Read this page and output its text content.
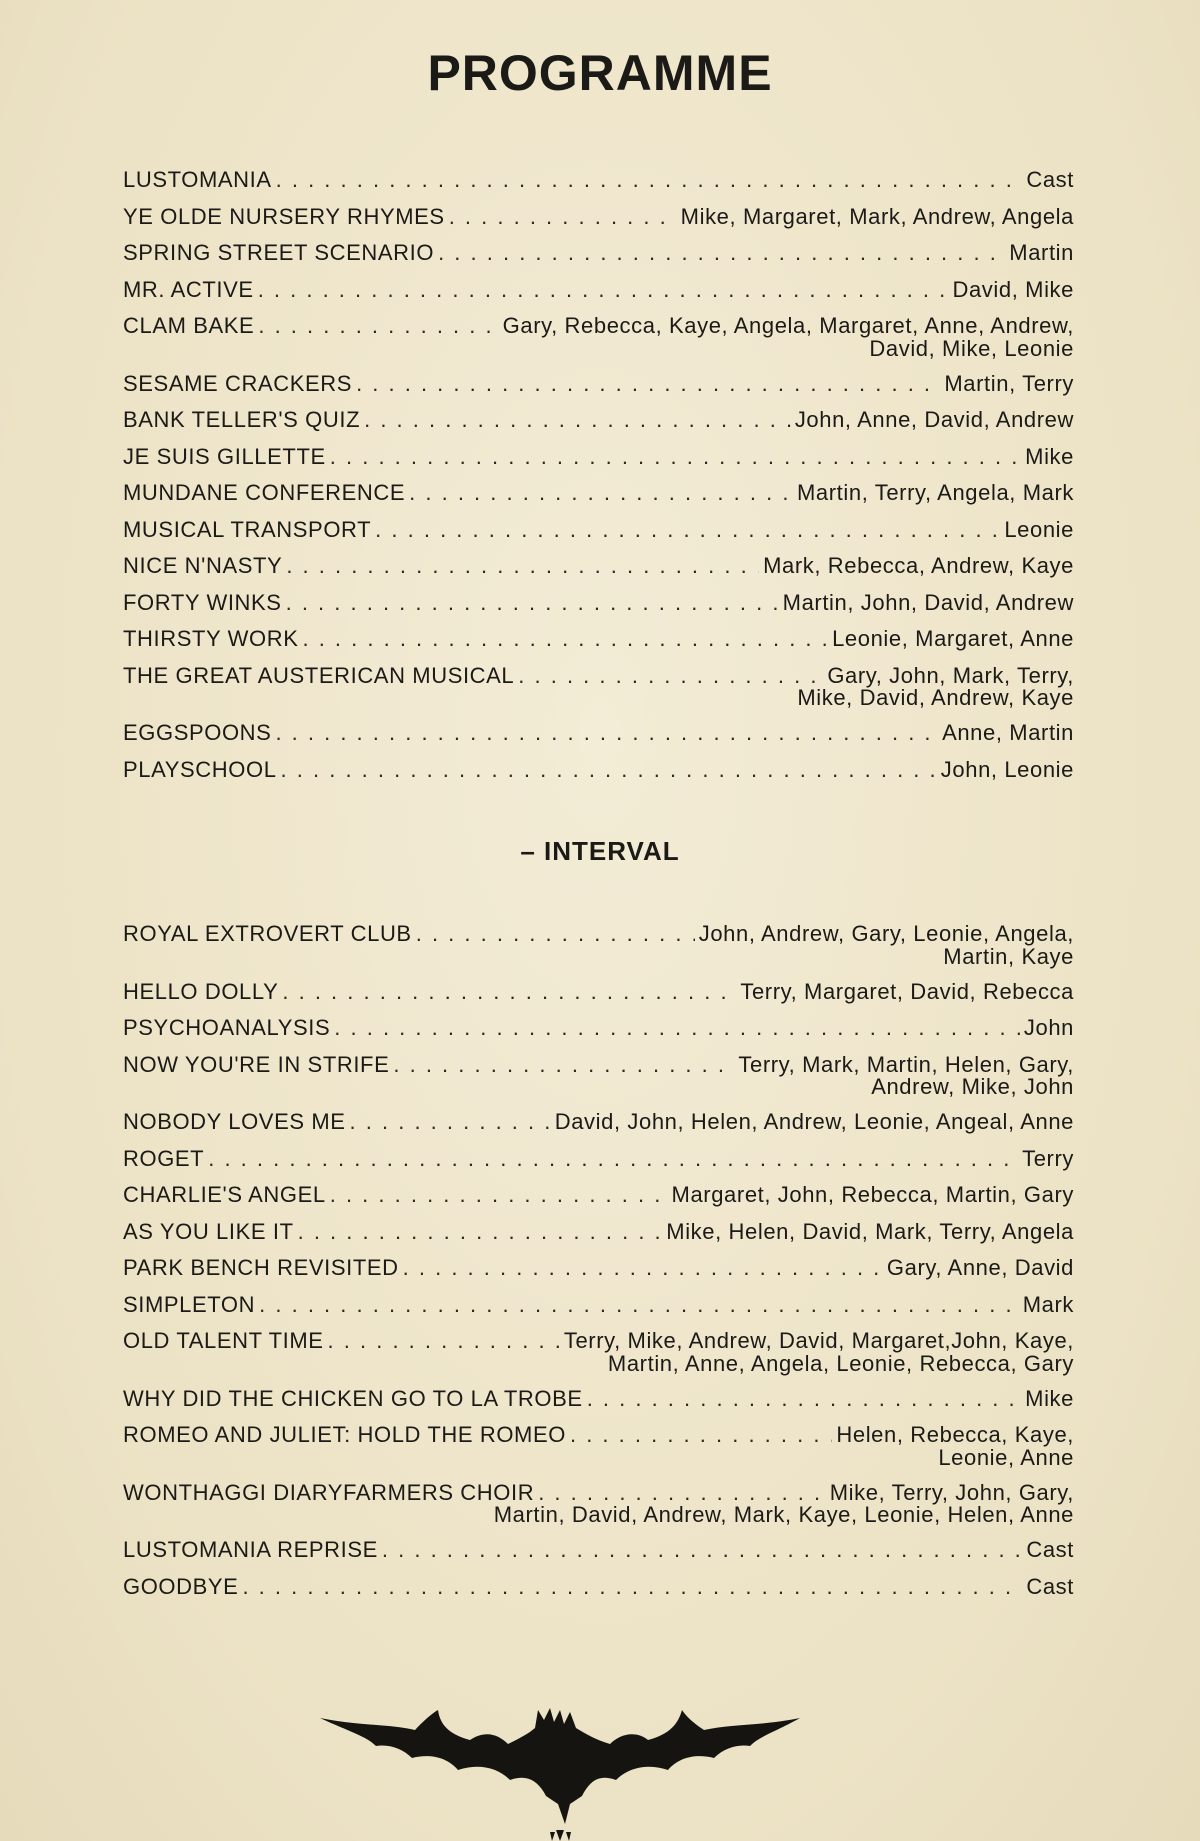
PROGRAMME
LUSTOMANIA . . .	Cast
YE OLDE NURSERY RHYMES . . .	Mike, Margaret, Mark, Andrew, Angela
SPRING STREET SCENARIO . . .	Martin
MR. ACTIVE . . .	David, Mike
CLAM BAKE . . .	Gary, Rebecca, Kaye, Angela, Margaret, Anne, Andrew,
David, Mike, Leonie
SESAME CRACKERS . . .	Martin, Terry
BANK TELLER'S QUIZ . . .	John, Anne, David, Andrew
JE SUIS GILLETTE . . .	Mike
MUNDANE CONFERENCE . . .	Martin, Terry, Angela, Mark
MUSICAL TRANSPORT . . .	Leonie
NICE N'NASTY . . .	Mark, Rebecca, Andrew, Kaye
FORTY WINKS . . .	Martin, John, David, Andrew
THIRSTY WORK . . .	Leonie, Margaret, Anne
THE GREAT AUSTERICAN MUSICAL . . .	Gary, John, Mark, Terry,
Mike, David, Andrew, Kaye
EGGSPOONS . . .	Anne, Martin
PLAYSCHOOL . . .	John, Leonie
– INTERVAL
ROYAL EXTROVERT CLUB . . .	John, Andrew, Gary, Leonie, Angela,
Martin, Kaye
HELLO DOLLY . . .	Terry, Margaret, David, Rebecca
PSYCHOANALYSIS . . .	John
NOW YOU'RE IN STRIFE . . .	Terry, Mark, Martin, Helen, Gary,
Andrew, Mike, John
NOBODY LOVES ME . . .	David, John, Helen, Andrew, Leonie, Angeal, Anne
ROGET . . .	Terry
CHARLIE'S ANGEL . . .	Margaret, John, Rebecca, Martin, Gary
AS YOU LIKE IT . . .	Mike, Helen, David, Mark, Terry, Angela
PARK BENCH REVISITED . . .	Gary, Anne, David
SIMPLETON . . .	Mark
OLD TALENT TIME . . .	Terry, Mike, Andrew, David, Margaret,John, Kaye,
Martin, Anne, Angela, Leonie, Rebecca, Gary
WHY DID THE CHICKEN GO TO LA TROBE . . .	Mike
ROMEO AND JULIET: HOLD THE ROMEO . . .	Helen, Rebecca, Kaye,
Leonie, Anne
WONTHAGGI DIARYFARMERS CHOIR . . .	Mike, Terry, John, Gary,
Martin, David, Andrew, Mark, Kaye, Leonie, Helen, Anne
LUSTOMANIA REPRISE . . .	Cast
GOODBYE . . .	Cast
